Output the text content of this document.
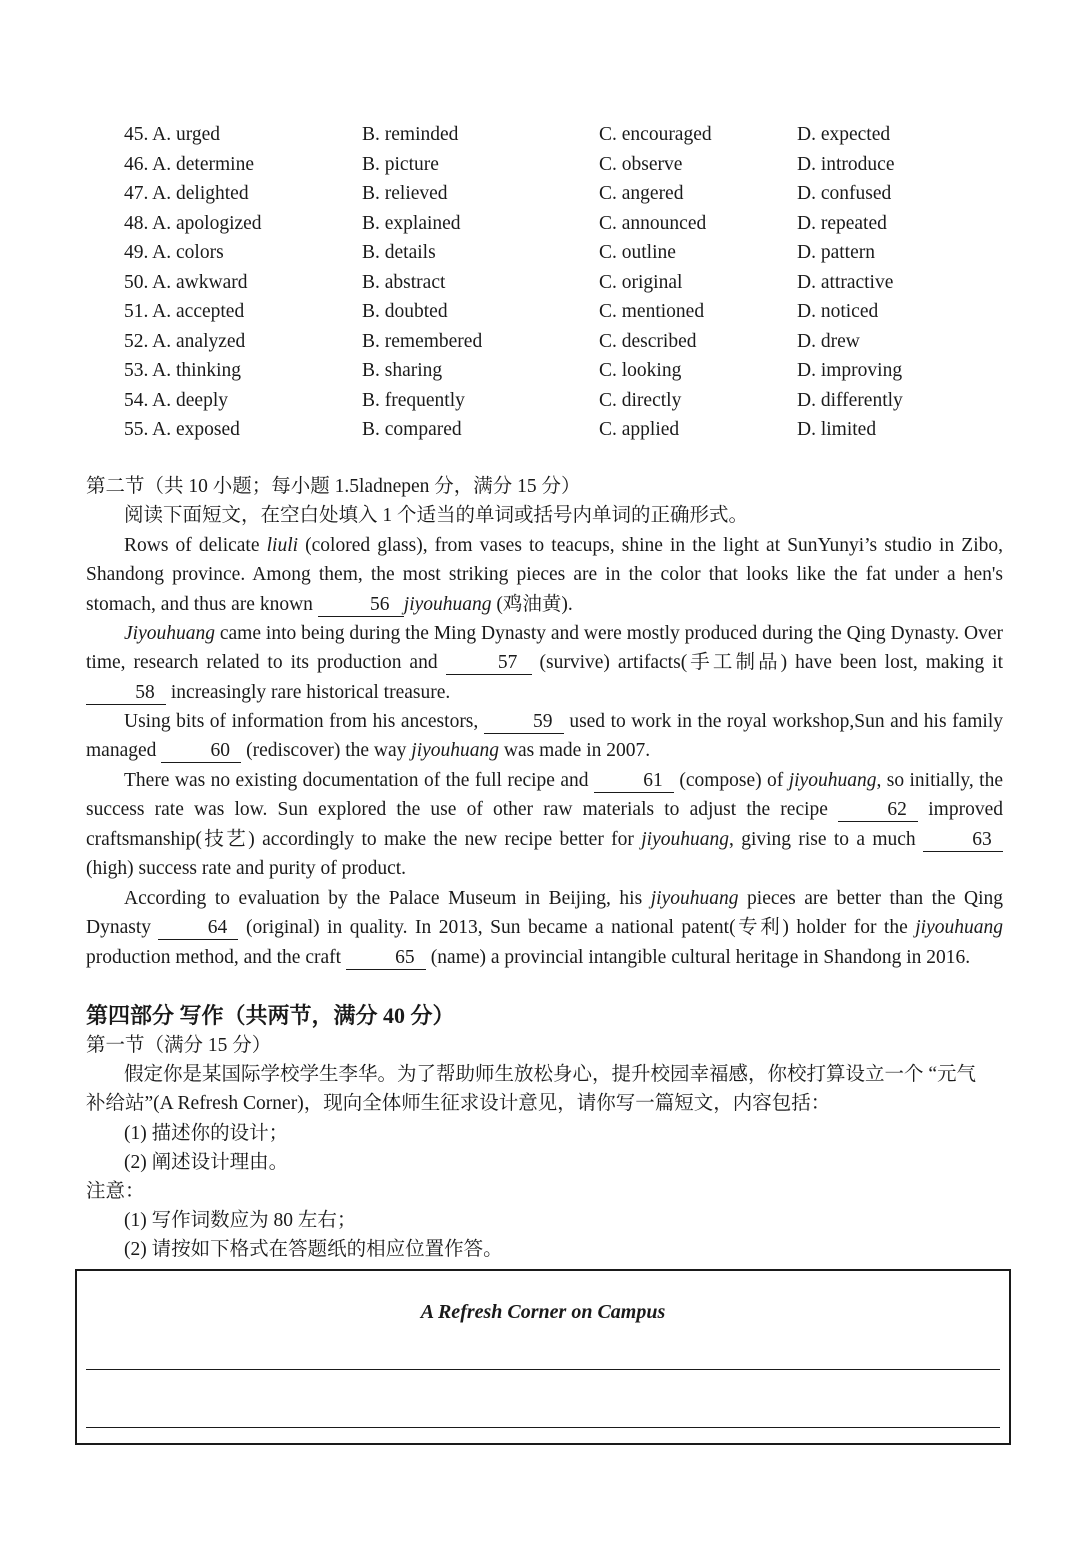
45. A. urged	B. reminded	C. encouraged	D. expected
46. A. determine	B. picture	C. observe	D. introduce
47. A. delighted	B. relieved	C. angered	D. confused
48. A. apologized	B. explained	C. announced	D. repeated
49. A. colors	B. details	C. outline	D. pattern
50. A. awkward	B. abstract	C. original	D. attractive
51. A. accepted	B. doubted	C. mentioned	D. noticed
52. A. analyzed	B. remembered	C. described	D. drew
53. A. thinking	B. sharing	C. looking	D. improving
54. A. deeply	B. frequently	C. directly	D. differently
55. A. exposed	B. compared	C. applied	D. limited
第二节（共 10 小题；每小题 1.5ladnepen 分，满分 15 分）
阅读下面短文，在空白处填入 1 个适当的单词或括号内单词的正确形式。
Rows of delicate liuli (colored glass), from vases to teacups, shine in the light at SunYunyi’s studio in Zibo, Shandong province. Among them, the most striking pieces are in the color that looks like the fat under a hen's stomach, and thus are known	56 jiyouhuang (鸡油黄).
Jiyouhuang came into being during the Ming Dynasty and were mostly produced during the Qing Dynasty. Over time, research related to its production and	57 (survive) artifacts(手工制品) have been lost, making it 58 increasingly rare historical treasure.
Using bits of information from his ancestors,	59 used to work in the royal workshop,Sun and his family managed	60 (rediscover) the way jiyouhuang was made in 2007.
There was no existing documentation of the full recipe and	61 (compose) of jiyouhuang, so initially, the success rate was low. Sun explored the use of other raw materials to adjust the recipe	62 improved craftsmanship(技艺) accordingly to make the new recipe better for jiyouhuang, giving rise to a much	63 (high) success rate and purity of product.
According to evaluation by the Palace Museum in Beijing, his jiyouhuang pieces are better than the Qing Dynasty	64 (original) in quality. In 2013, Sun became a national patent(专利) holder for the jiyouhuang production method, and the craft	65 (name) a provincial intangible cultural heritage in Shandong in 2016.
第四部分 写作（共两节，满分 40 分）
第一节（满分 15 分）
假定你是某国际学校学生李华。为了帮助师生放松身心，提升校园幸福感，你校打算设立一个 “元气
补给站”(A Refresh Corner)，现向全体师生征求设计意见，请你写一篇短文，内容包括：
(1) 描述你的设计；
(2) 阐述设计理由。
注意：
(1) 写作词数应为 80 左右；
(2) 请按如下格式在答题纸的相应位置作答。
A Refresh Corner on Campus
